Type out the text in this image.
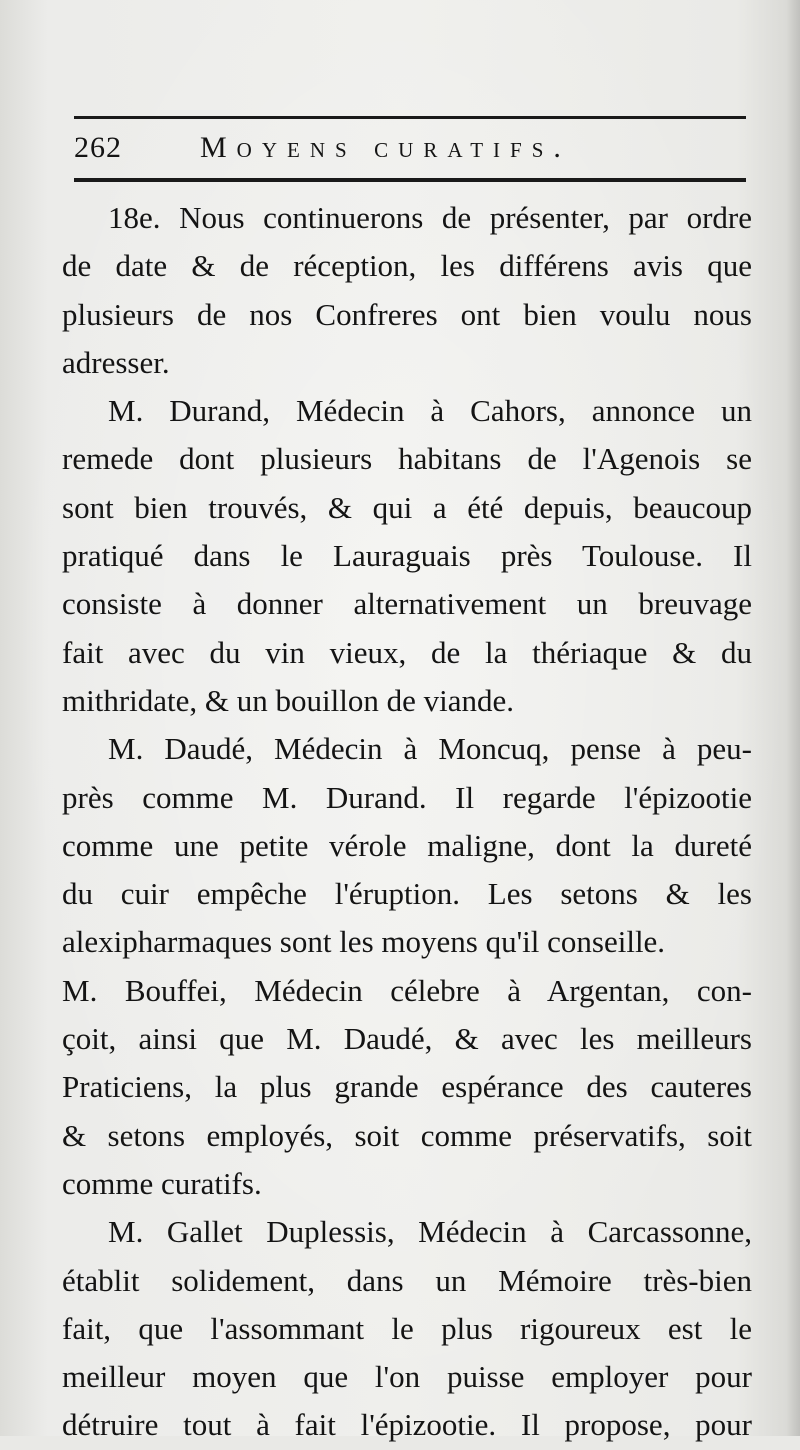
262	Moyens curatifs.
18e. Nous continuerons de présenter, par ordre
de date & de réception, les différens avis que
plusieurs de nos Confreres ont bien voulu nous
adresser.
M. Durand, Médecin à Cahors, annonce un
remede dont plusieurs habitans de l'Agenois se
sont bien trouvés, & qui a été depuis, beaucoup
pratiqué dans le Lauraguais près Toulouse. Il
consiste à donner alternativement un breuvage
fait avec du vin vieux, de la thériaque & du
mithridate, & un bouillon de viande.
M. Daudé, Médecin à Moncuq, pense à peu-
près comme M. Durand. Il regarde l'épizootie
comme une petite vérole maligne, dont la dureté
du cuir empêche l'éruption. Les setons & les
alexipharmaques sont les moyens qu'il conseille.
M. Bouffei, Médecin célebre à Argentan, con-
çoit, ainsi que M. Daudé, & avec les meilleurs
Praticiens, la plus grande espérance des cauteres
& setons employés, soit comme préservatifs, soit
comme curatifs.
M. Gallet Duplessis, Médecin à Carcassonne,
établit solidement, dans un Mémoire très-bien
fait, que l'assommant le plus rigoureux est le
meilleur moyen que l'on puisse employer pour
détruire tout à fait l'épizootie. Il propose, pour
